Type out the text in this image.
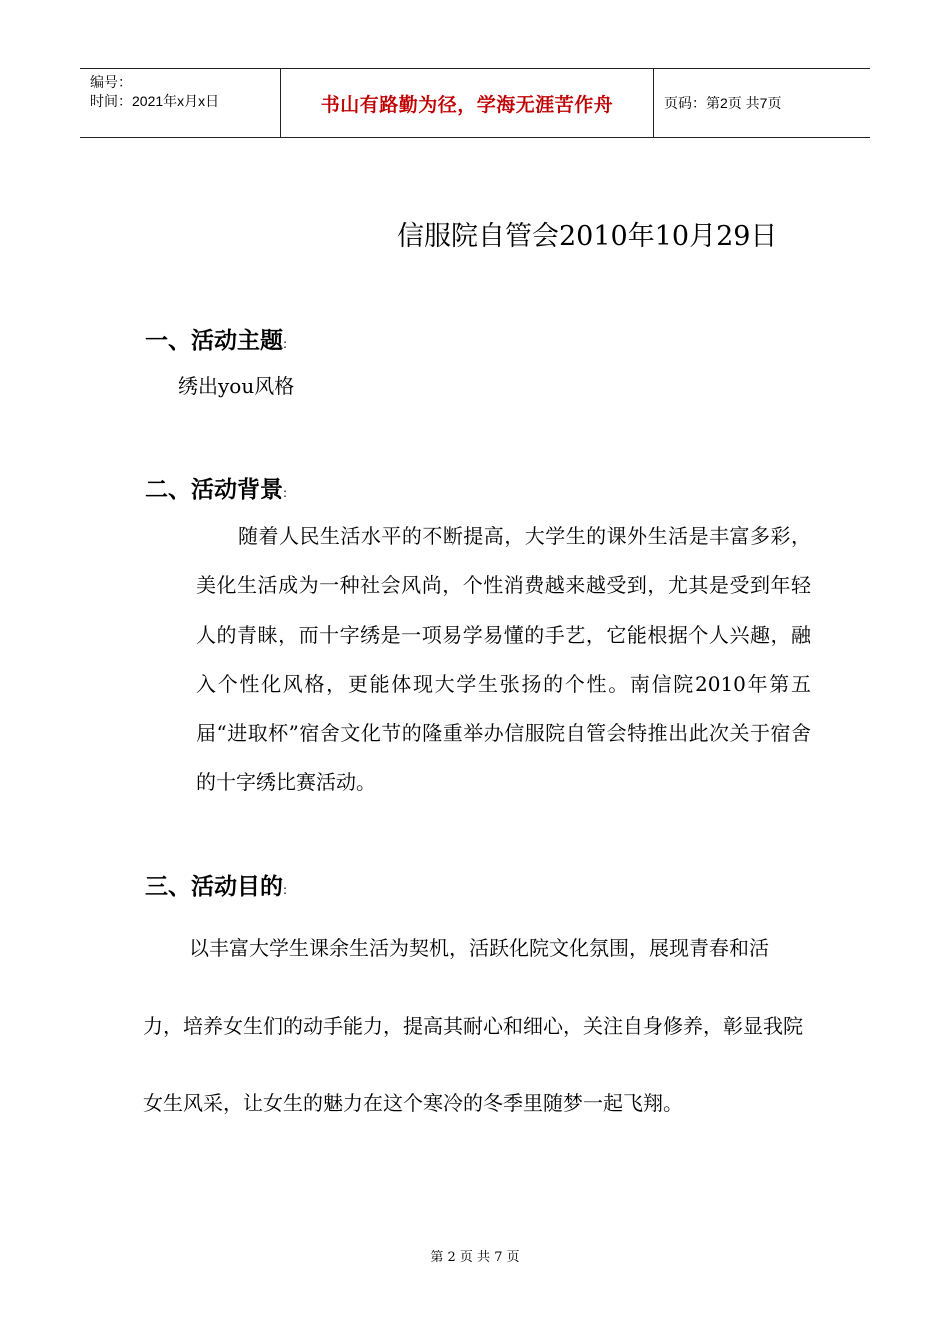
编号：
时间：2021年x月x日	书山有路勤为径，学海无涯苦作舟	页码：第2页 共7页
信服院自管会2010年10月29日
一、活动主题:
绣出you风格
二、活动背景:

随着人民生活水平的不断提高，大学生的课外生活是丰富多彩，美化生活成为一种社会风尚，个性消费越来越受到，尤其是受到年轻人的青睐，而十字绣是一项易学易懂的手艺，它能根据个人兴趣，融入个性化风格，更能体现大学生张扬的个性。南信院2010年第五届“进取杯”宿舍文化节的隆重举办信服院自管会特推出此次关于宿舍的十字绣比赛活动。

三、活动目的:

以丰富大学生课余生活为契机，活跃化院文化氛围，展现青春和活力，培养女生们的动手能力，提高其耐心和细心，关注自身修养，彰显我院女生风采，让女生的魅力在这个寒冷的冬季里随梦一起飞翔。

第 2 页 共 7 页
